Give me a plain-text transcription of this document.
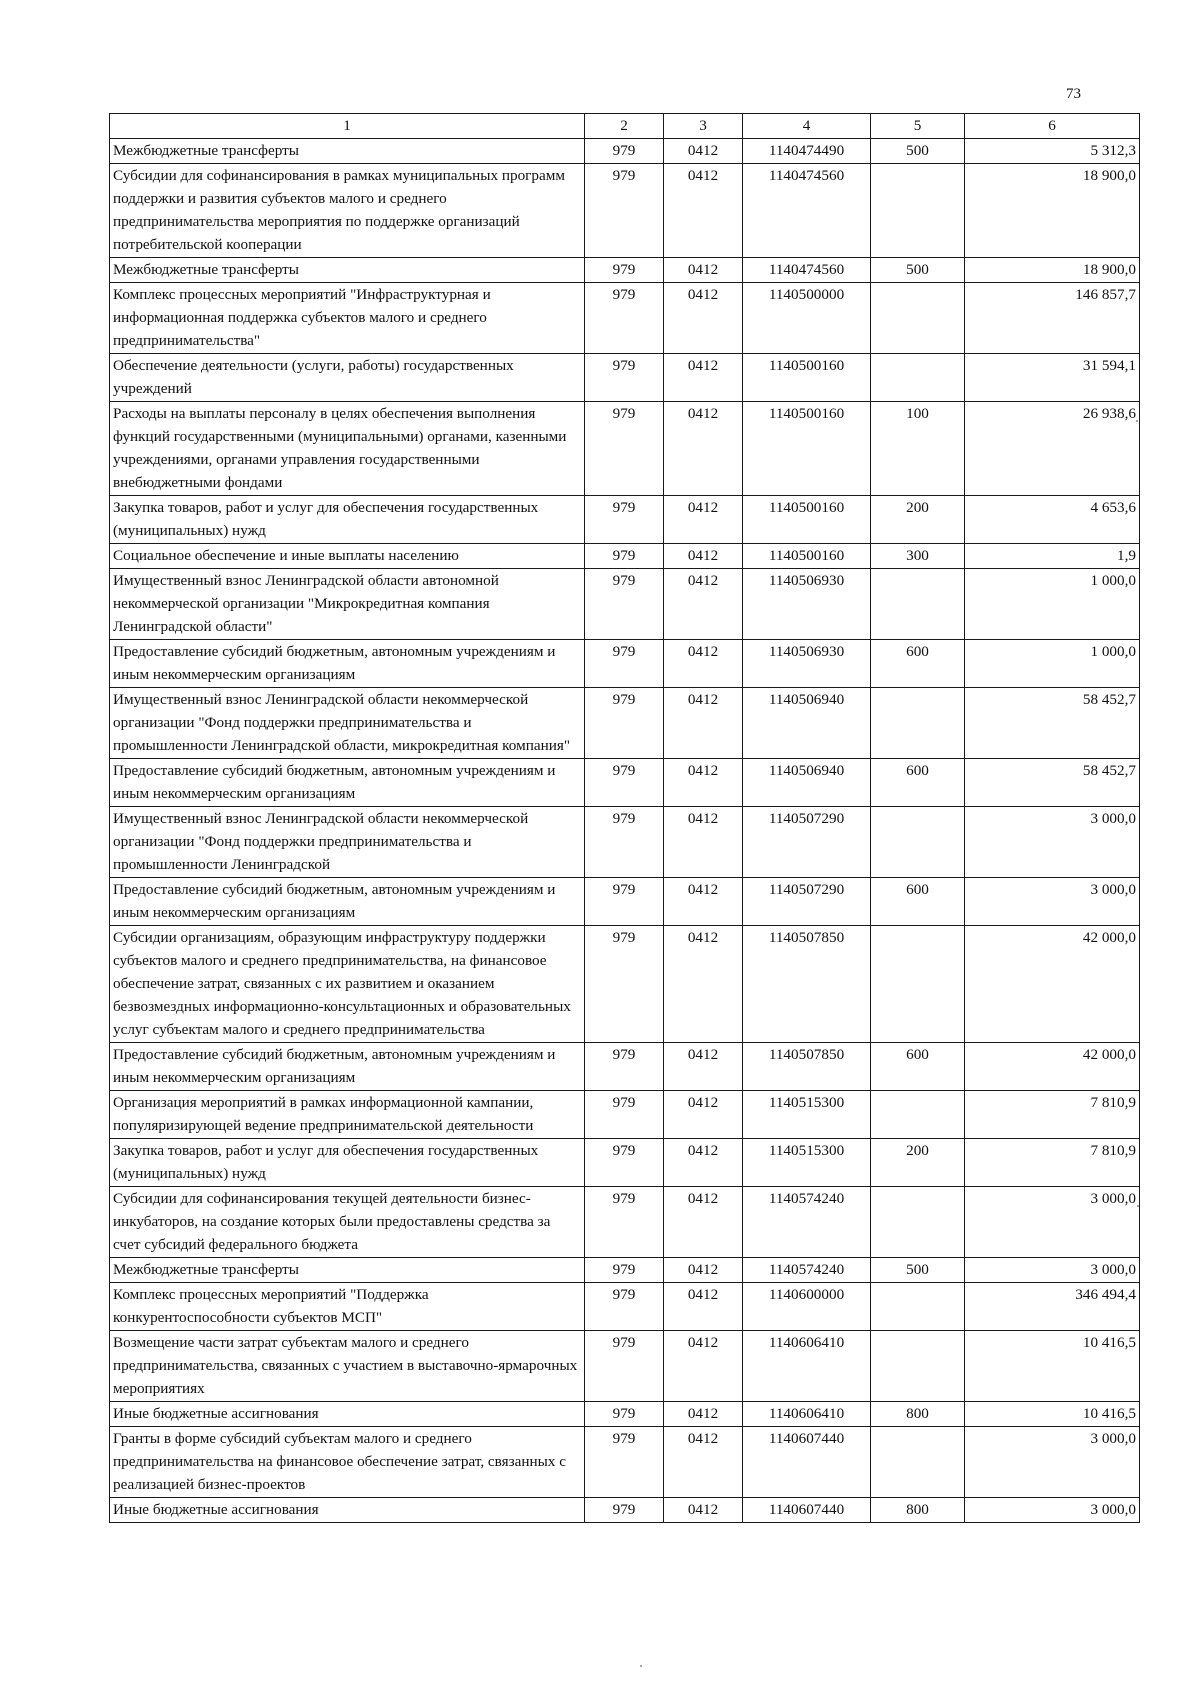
73
1	2	3	4	5	6
Межбюджетные трансферты	979	0412	1140474490	500	5 312,3
Субсидии для софинансирования в рамках муниципальных программ поддержки и развития субъектов малого и среднего предпринимательства мероприятия по поддержке организаций потребительской кооперации	979	0412	1140474560		18 900,0
Межбюджетные трансферты	979	0412	1140474560	500	18 900,0
Комплекс процессных мероприятий "Инфраструктурная и информационная поддержка субъектов малого и среднего предпринимательства"	979	0412	1140500000		146 857,7
Обеспечение деятельности (услуги, работы) государственных учреждений	979	0412	1140500160		31 594,1
Расходы на выплаты персоналу в целях обеспечения выполнения функций государственными (муниципальными) органами, казенными учреждениями, органами управления государственными внебюджетными фондами	979	0412	1140500160	100	26 938,6
Закупка товаров, работ и услуг для обеспечения государственных (муниципальных) нужд	979	0412	1140500160	200	4 653,6
Социальное обеспечение и иные выплаты населению	979	0412	1140500160	300	1,9
Имущественный взнос Ленинградской области автономной некоммерческой организации "Микрокредитная компания Ленинградской области"	979	0412	1140506930		1 000,0
Предоставление субсидий бюджетным, автономным учреждениям и иным некоммерческим организациям	979	0412	1140506930	600	1 000,0
Имущественный взнос Ленинградской области некоммерческой организации "Фонд поддержки предпринимательства и промышленности Ленинградской области, микрокредитная компания"	979	0412	1140506940		58 452,7
Предоставление субсидий бюджетным, автономным учреждениям и иным некоммерческим организациям	979	0412	1140506940	600	58 452,7
Имущественный взнос Ленинградской области некоммерческой организации "Фонд поддержки предпринимательства и промышленности Ленинградской	979	0412	1140507290		3 000,0
Предоставление субсидий бюджетным, автономным учреждениям и иным некоммерческим организациям	979	0412	1140507290	600	3 000,0
Субсидии организациям, образующим инфраструктуру поддержки субъектов малого и среднего предпринимательства, на финансовое обеспечение затрат, связанных с их развитием и оказанием безвозмездных информационно-консультационных и образовательных услуг субъектам малого и среднего предпринимательства	979	0412	1140507850		42 000,0
Предоставление субсидий бюджетным, автономным учреждениям и иным некоммерческим организациям	979	0412	1140507850	600	42 000,0
Организация мероприятий в рамках информационной кампании, популяризирующей ведение предпринимательской деятельности	979	0412	1140515300		7 810,9
Закупка товаров, работ и услуг для обеспечения государственных (муниципальных) нужд	979	0412	1140515300	200	7 810,9
Субсидии для софинансирования текущей деятельности бизнес-инкубаторов, на создание которых были предоставлены средства за счет субсидий федерального бюджета	979	0412	1140574240		3 000,0
Межбюджетные трансферты	979	0412	1140574240	500	3 000,0
Комплекс процессных мероприятий "Поддержка конкурентоспособности субъектов МСП"	979	0412	1140600000		346 494,4
Возмещение части затрат субъектам малого и среднего предпринимательства, связанных с участием в выставочно-ярмарочных мероприятиях	979	0412	1140606410		10 416,5
Иные бюджетные ассигнования	979	0412	1140606410	800	10 416,5
Гранты в форме субсидий субъектам малого и среднего предпринимательства на финансовое обеспечение затрат, связанных с реализацией бизнес-проектов	979	0412	1140607440		3 000,0
Иные бюджетные ассигнования	979	0412	1140607440	800	3 000,0
